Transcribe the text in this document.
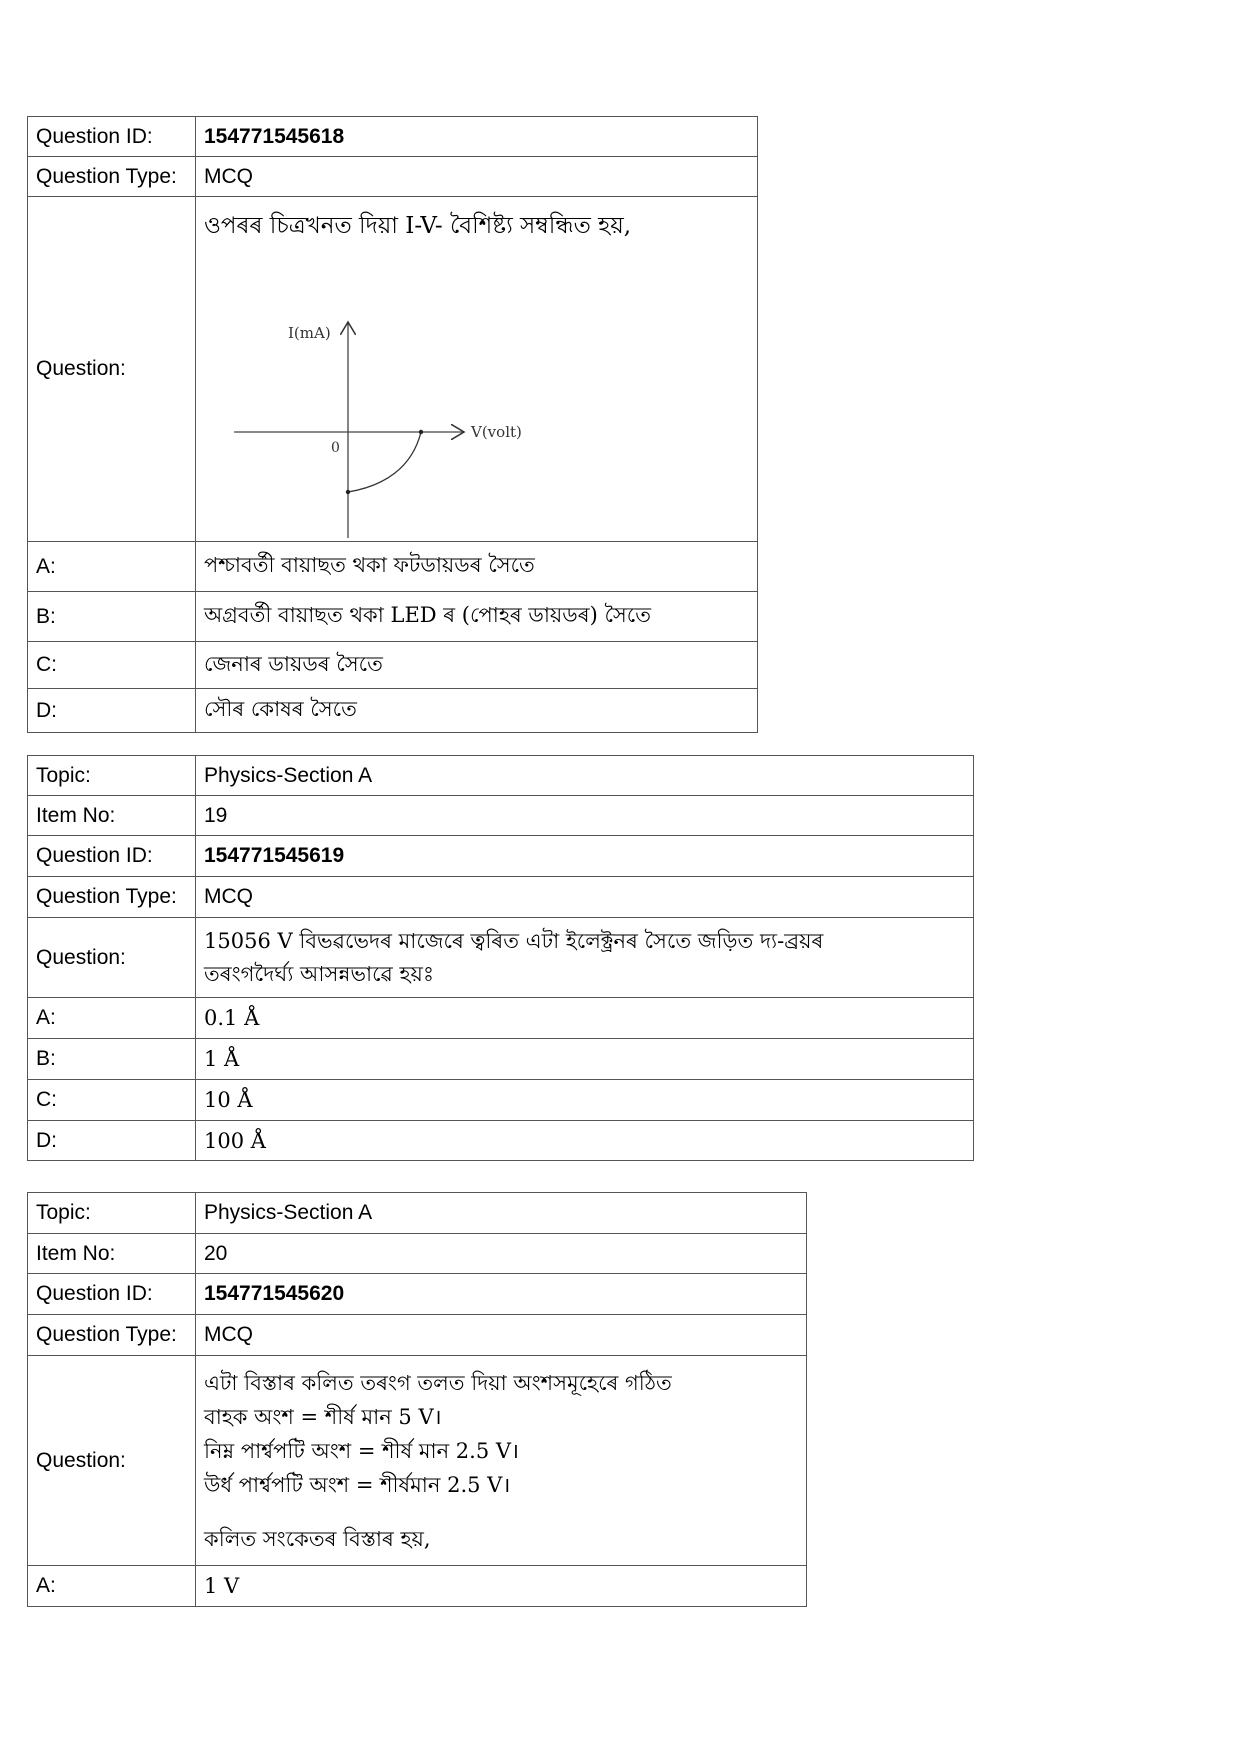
Question ID:	154771545618
Question Type:	MCQ
Question:	ওপৰৰ চিত্ৰখনত দিয়া I-V- বৈশিষ্ট্য সম্বন্ধিত হয়,
I(mA)
V(volt)
0

A:	পশ্চাবৰ্তী বায়াছত থকা ফটডায়ডৰ সৈতে
B:	অগ্ৰবৰ্তী বায়াছত থকা LED ৰ (পোহৰ ডায়ডৰ) সৈতে
C:	জেনাৰ ডায়ডৰ সৈতে
D:	সৌৰ কোষৰ সৈতে
Topic:	Physics-Section A
Item No:	19
Question ID:	154771545619
Question Type:	MCQ
Question:	15056 V বিভৱভেদৰ মাজেৰে ত্বৰিত এটা ইলেক্ট্ৰনৰ সৈতে জড়িত দ্য-ব্ৰয়ৰ
তৰংগদৈৰ্ঘ্য আসন্নভাৱে হয়ঃ

A:	0.1 Å
B:	1 Å
C:	10 Å
D:	100 Å
Topic:	Physics-Section A
Item No:	20
Question ID:	154771545620
Question Type:	MCQ
Question:	এটা বিস্তাৰ কলিত তৰংগ তলত দিয়া অংশসমূহেৰে গঠিত
বাহক অংশ = শীৰ্ষ মান 5 V।
নিম্ন পাৰ্শ্বপটি অংশ = শীৰ্ষ মান 2.5 V।
উৰ্ধ পাৰ্শ্বপটি অংশ = শীৰ্ষমান 2.5 V।
কলিত সংকেতৰ বিস্তাৰ হয়,

A:	1 V
